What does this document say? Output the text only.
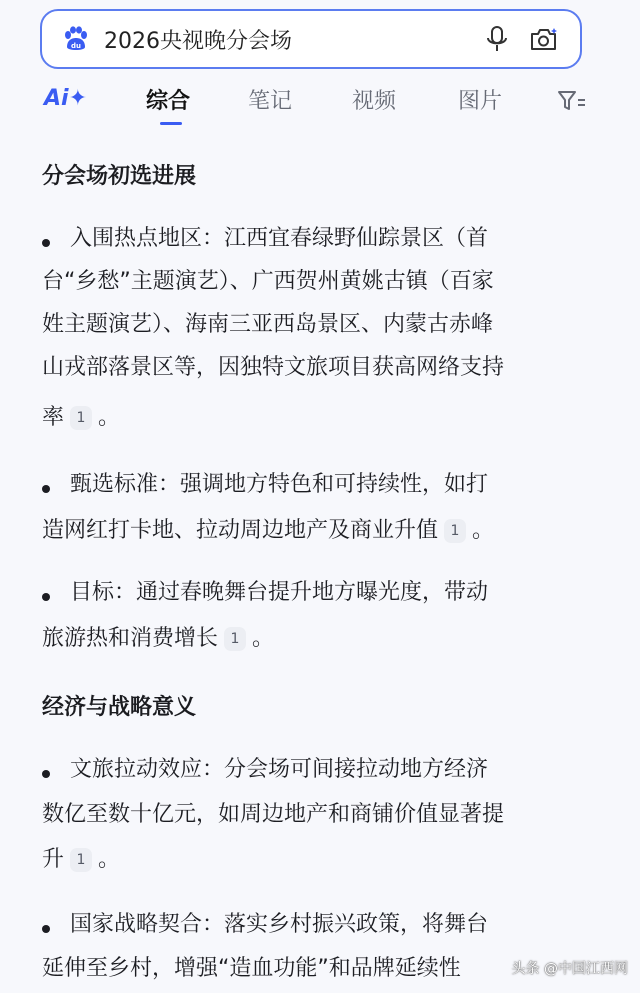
du 2026央视晚分会场
Ai✦	综合	笔记	视频	图片
分会场初选进展
入围热点地区：江西宜春绿野仙踪景区（首
台“乡愁”主题演艺）、广西贺州黄姚古镇（百家
姓主题演艺）、海南三亚西岛景区、内蒙古赤峰
山戎部落景区等，因独特文旅项目获高网络支持
率 1 。
甄选标准：强调地方特色和可持续性，如打
造网红打卡地、拉动周边地产及商业升值 1 。
目标：通过春晚舞台提升地方曝光度，带动
旅游热和消费增长 1 。
经济与战略意义
文旅拉动效应：分会场可间接拉动地方经济
数亿至数十亿元，如周边地产和商铺价值显著提
升 1 。
国家战略契合：落实乡村振兴政策，将舞台
延伸至乡村，增强“造血功能”和品牌延续性	头条 @中国江西网
